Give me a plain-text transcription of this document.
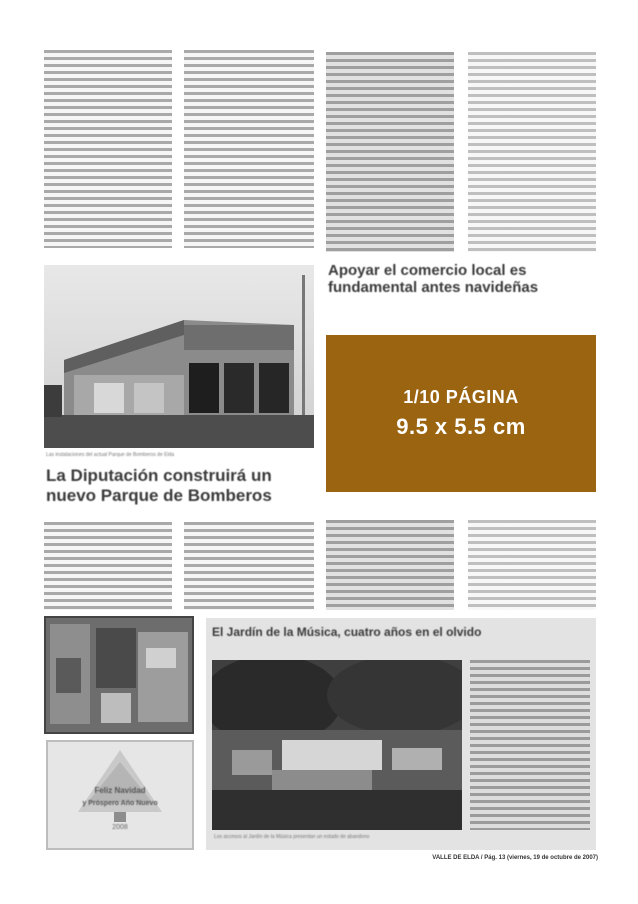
Las instalaciones del actual Parque de Bomberos de Elda
Apoyar el comercio local es fundamental antes navideñas
1/10 PÁGINA
9.5 x 5.5 cm
La Diputación construirá un nuevo Parque de Bomberos
Feliz Navidad
y Próspero Año Nuevo
2008
El Jardín de la Música, cuatro años en el olvido
Los accesos al Jardín de la Música presentan un estado de abandono
VALLE DE ELDA / Pág. 13 (viernes, 19 de octubre de 2007)
